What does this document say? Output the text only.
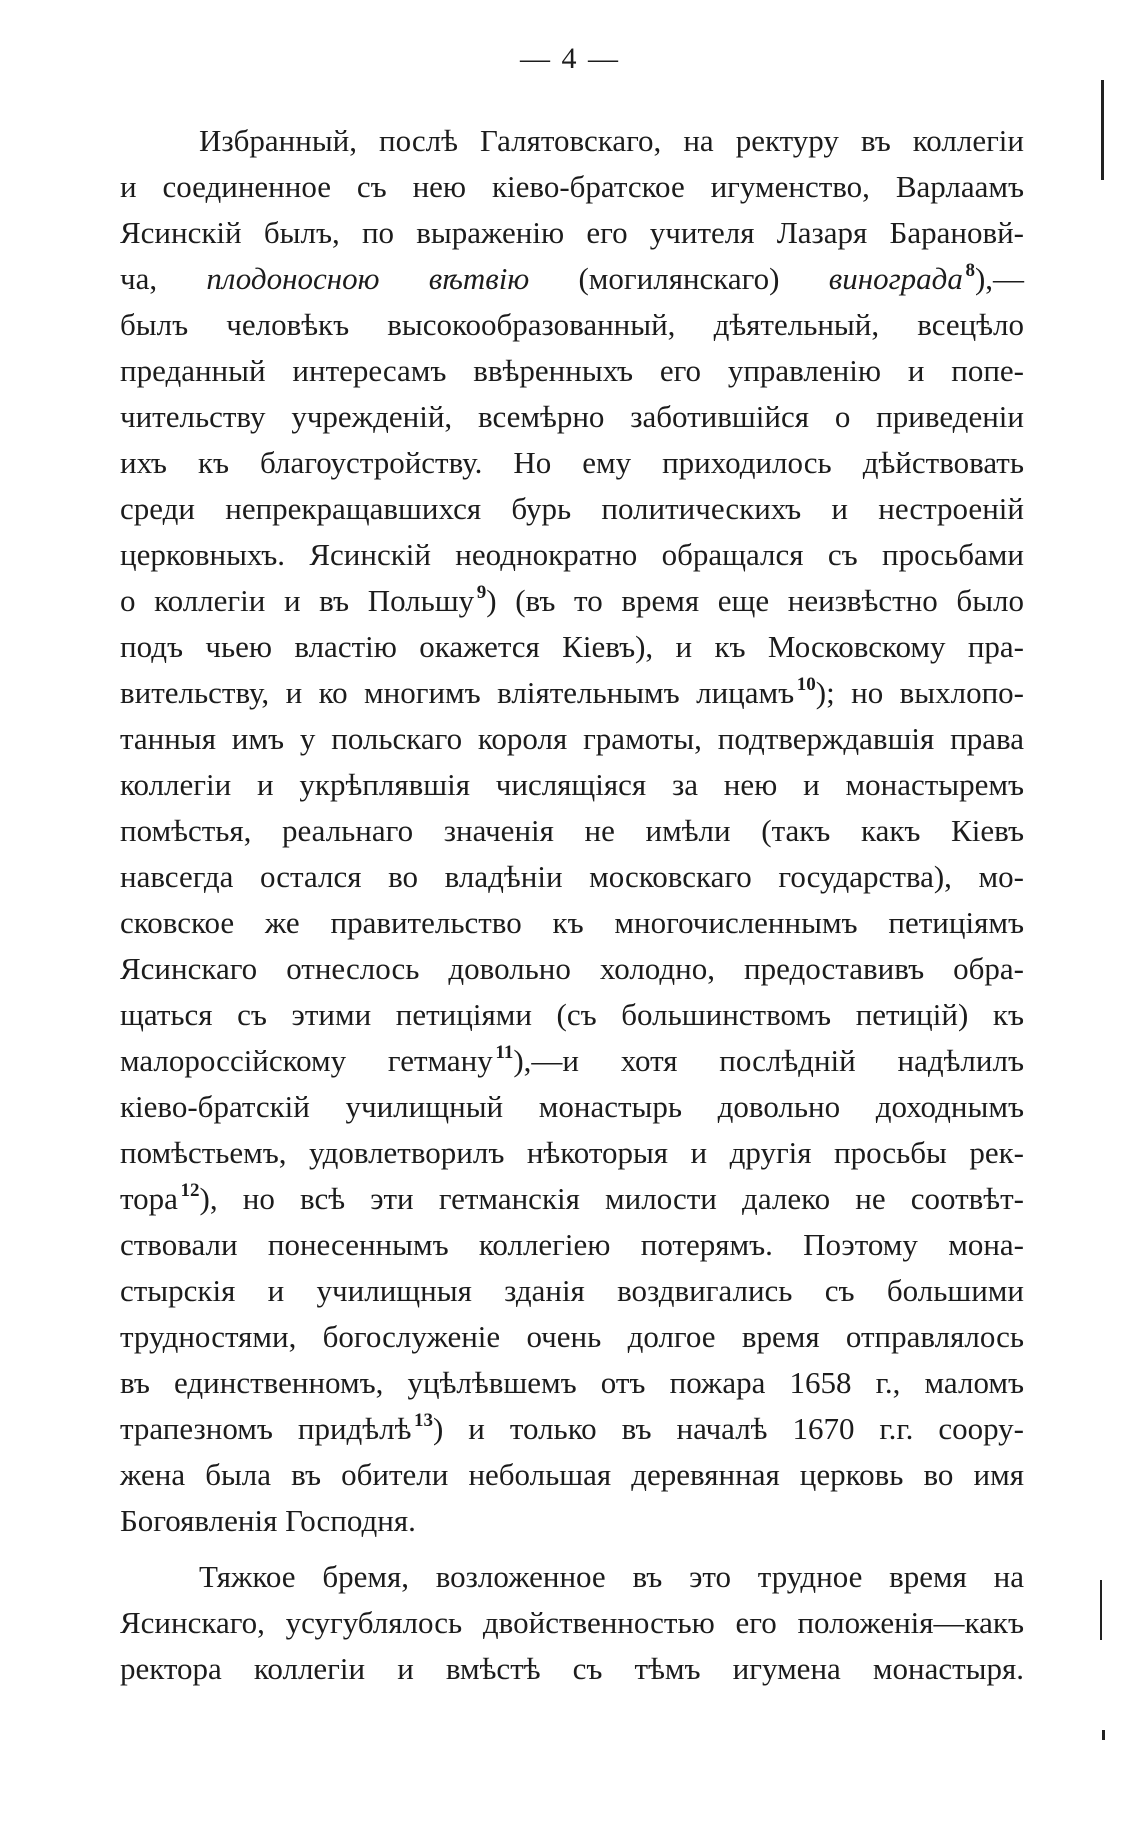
— 4 —
Избранный, послѣ Галятовскаго, на ректуру въ коллегіи
и соединенное съ нею кіево-братское игуменство, Варлаамъ
Ясинскій былъ, по выраженію его учителя Лазаря Барановй-
ча, плодоносною вѣтвію (могилянскаго) винограда  $^8$),—
былъ человѣкъ высокообразованный, дѣятельный, всецѣло
преданный интересамъ ввѣренныхъ его управленію и попе-
чительству учрежденій, всемѣрно заботившійся о приведеніи
ихъ къ благоустройству. Но ему приходилось дѣйствовать
среди непрекращавшихся бурь политическихъ и нестроеній
церковныхъ. Ясинскій неоднократно обращался съ просьбами
о коллегіи и въ Польшу  $^9$) (въ то время еще неизвѣстно было
подъ чьею властію окажется Кіевъ), и къ Московскому пра-
вительству, и ко многимъ вліятельнымъ лицамъ  $^{10}$); но выхлопо-
танныя имъ у польскаго короля грамоты, подтверждавшія права
коллегіи и укрѣплявшія числящіяся за нею и монастыремъ
помѣстья, реальнаго значенія не имѣли (такъ какъ Кіевъ
навсегда остался во владѣніи московскаго государства), мо-
сковское же правительство къ многочисленнымъ петиціямъ
Ясинскаго отнеслось довольно холодно, предоставивъ обра-
щаться съ этими петиціями (съ большинствомъ петицій) къ
малороссійскому гетману  $^{11}$),—и хотя послѣдній надѣлилъ
кіево-братскій училищный монастырь довольно доходнымъ
помѣстьемъ, удовлетворилъ нѣкоторыя и другія просьбы рек-
тора  $^{12}$), но всѣ эти гетманскія милости далеко не соотвѣт-
ствовали понесеннымъ коллегіею потерямъ. Поэтому мона-
стырскія и училищныя зданія воздвигались съ большими
трудностями, богослуженіе очень долгое время отправлялось
въ единственномъ, уцѣлѣвшемъ отъ пожара 1658 г., маломъ
трапезномъ придѣлѣ  $^{13}$) и только въ началѣ 1670 г.г. соору-
жена была въ обители небольшая деревянная церковь во имя
Богоявленія Господня.
Тяжкое бремя, возложенное въ это трудное время на
Ясинскаго, усугублялось двойственностью его положенія—какъ
ректора коллегіи и вмѣстѣ съ тѣмъ игумена монастыря.
